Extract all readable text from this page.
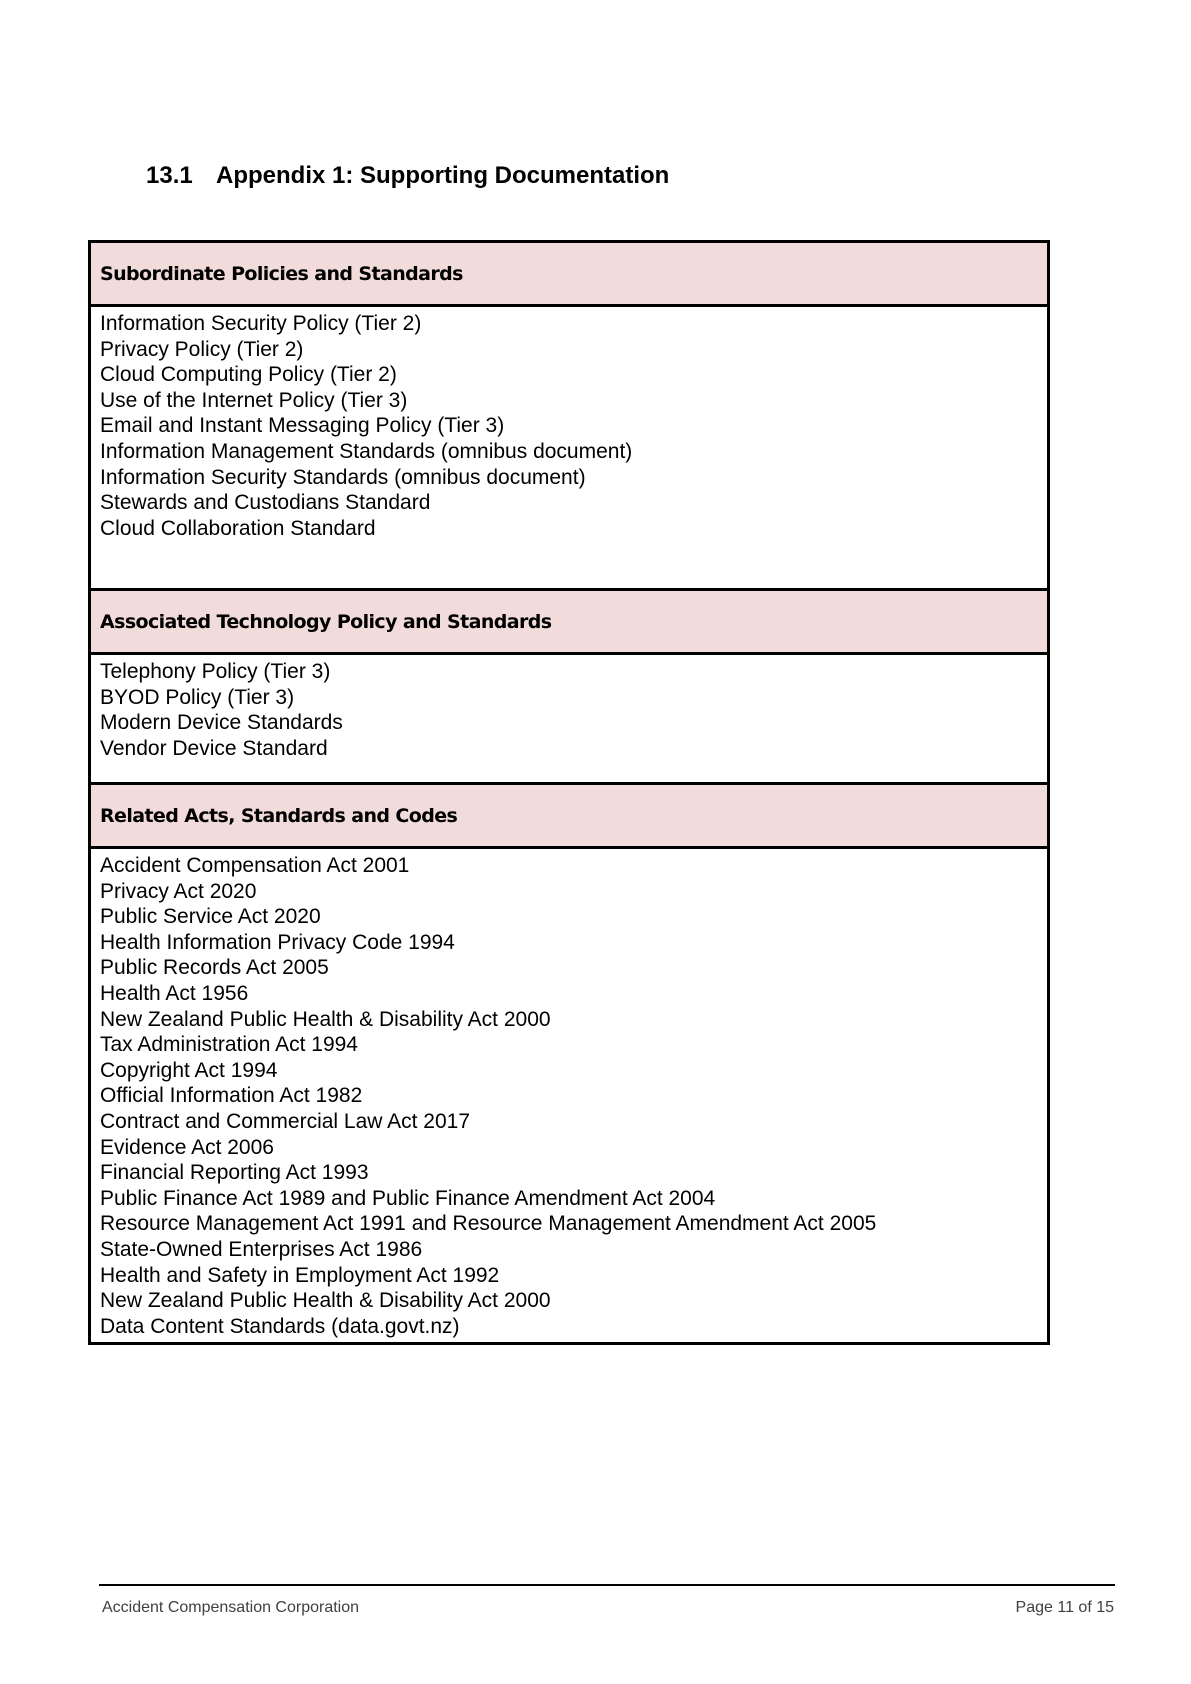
13.1 Appendix 1: Supporting Documentation
Subordinate Policies and Standards
Information Security Policy (Tier 2)
Privacy Policy (Tier 2)
Cloud Computing Policy (Tier 2)
Use of the Internet Policy (Tier 3)
Email and Instant Messaging Policy (Tier 3)
Information Management Standards (omnibus document)
Information Security Standards (omnibus document)
Stewards and Custodians Standard
Cloud Collaboration Standard
Associated Technology Policy and Standards
Telephony Policy (Tier 3)
BYOD Policy (Tier 3)
Modern Device Standards
Vendor Device Standard
Related Acts, Standards and Codes
Accident Compensation Act 2001
Privacy Act 2020
Public Service Act 2020
Health Information Privacy Code 1994
Public Records Act 2005
Health Act 1956
New Zealand Public Health & Disability Act 2000
Tax Administration Act 1994
Copyright Act 1994
Official Information Act 1982
Contract and Commercial Law Act 2017
Evidence Act 2006
Financial Reporting Act 1993
Public Finance Act 1989 and Public Finance Amendment Act 2004
Resource Management Act 1991 and Resource Management Amendment Act 2005
State-Owned Enterprises Act 1986
Health and Safety in Employment Act 1992
New Zealand Public Health & Disability Act 2000
Data Content Standards (data.govt.nz)
Accident Compensation Corporation	Page 11 of 15
